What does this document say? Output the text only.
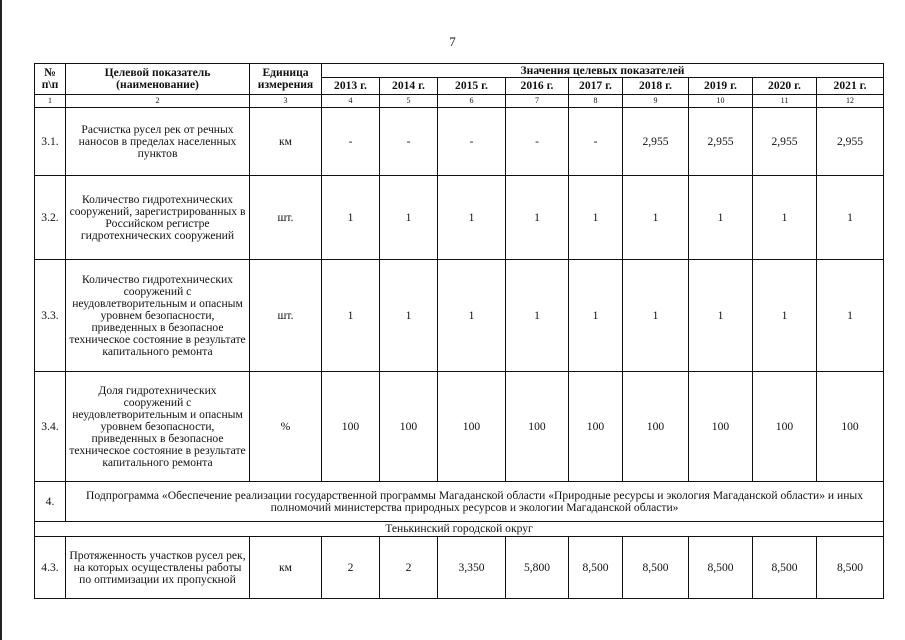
7
№ п\п	Целевой показатель (наименование)	Единица измерения	Значения целевых показателей								
			2013 г.	2014 г.	2015 г.	2016 г.	2017 г.	2018 г.	2019 г.	2020 г.	2021 г.
1	2	3	4	5	6	7	8	9	10	11	12
3.1.	Расчистка русел рек от речных наносов в пределах населенных пунктов	км	-	-	-	-	-	2,955	2,955	2,955	2,955
3.2.	Количество гидротехнических сооружений, зарегистрированных в Российском регистре гидротехнических сооружений	шт.	1	1	1	1	1	1	1	1	1
3.3.	Количество гидротехнических сооружений с неудовлетворительным и опасным уровнем безопасности, приведенных в безопасное техническое состояние в результате капитального ремонта	шт.	1	1	1	1	1	1	1	1	1
3.4.	Доля гидротехнических сооружений с неудовлетворительным и опасным уровнем безопасности, приведенных в безопасное техническое состояние в результате капитального ремонта	%	100	100	100	100	100	100	100	100	100
4.	Подпрограмма «Обеспечение реализации государственной программы Магаданской области «Природные ресурсы и экология Магаданской области» и иных полномочий министерства природных ресурсов и экологии Магаданской области»										
Тенькинский городской округ											
4.3.	Протяженность участков русел рек, на которых осуществлены работы по оптимизации их пропускной	км	2	2	3,350	5,800	8,500	8,500	8,500	8,500	8,500
